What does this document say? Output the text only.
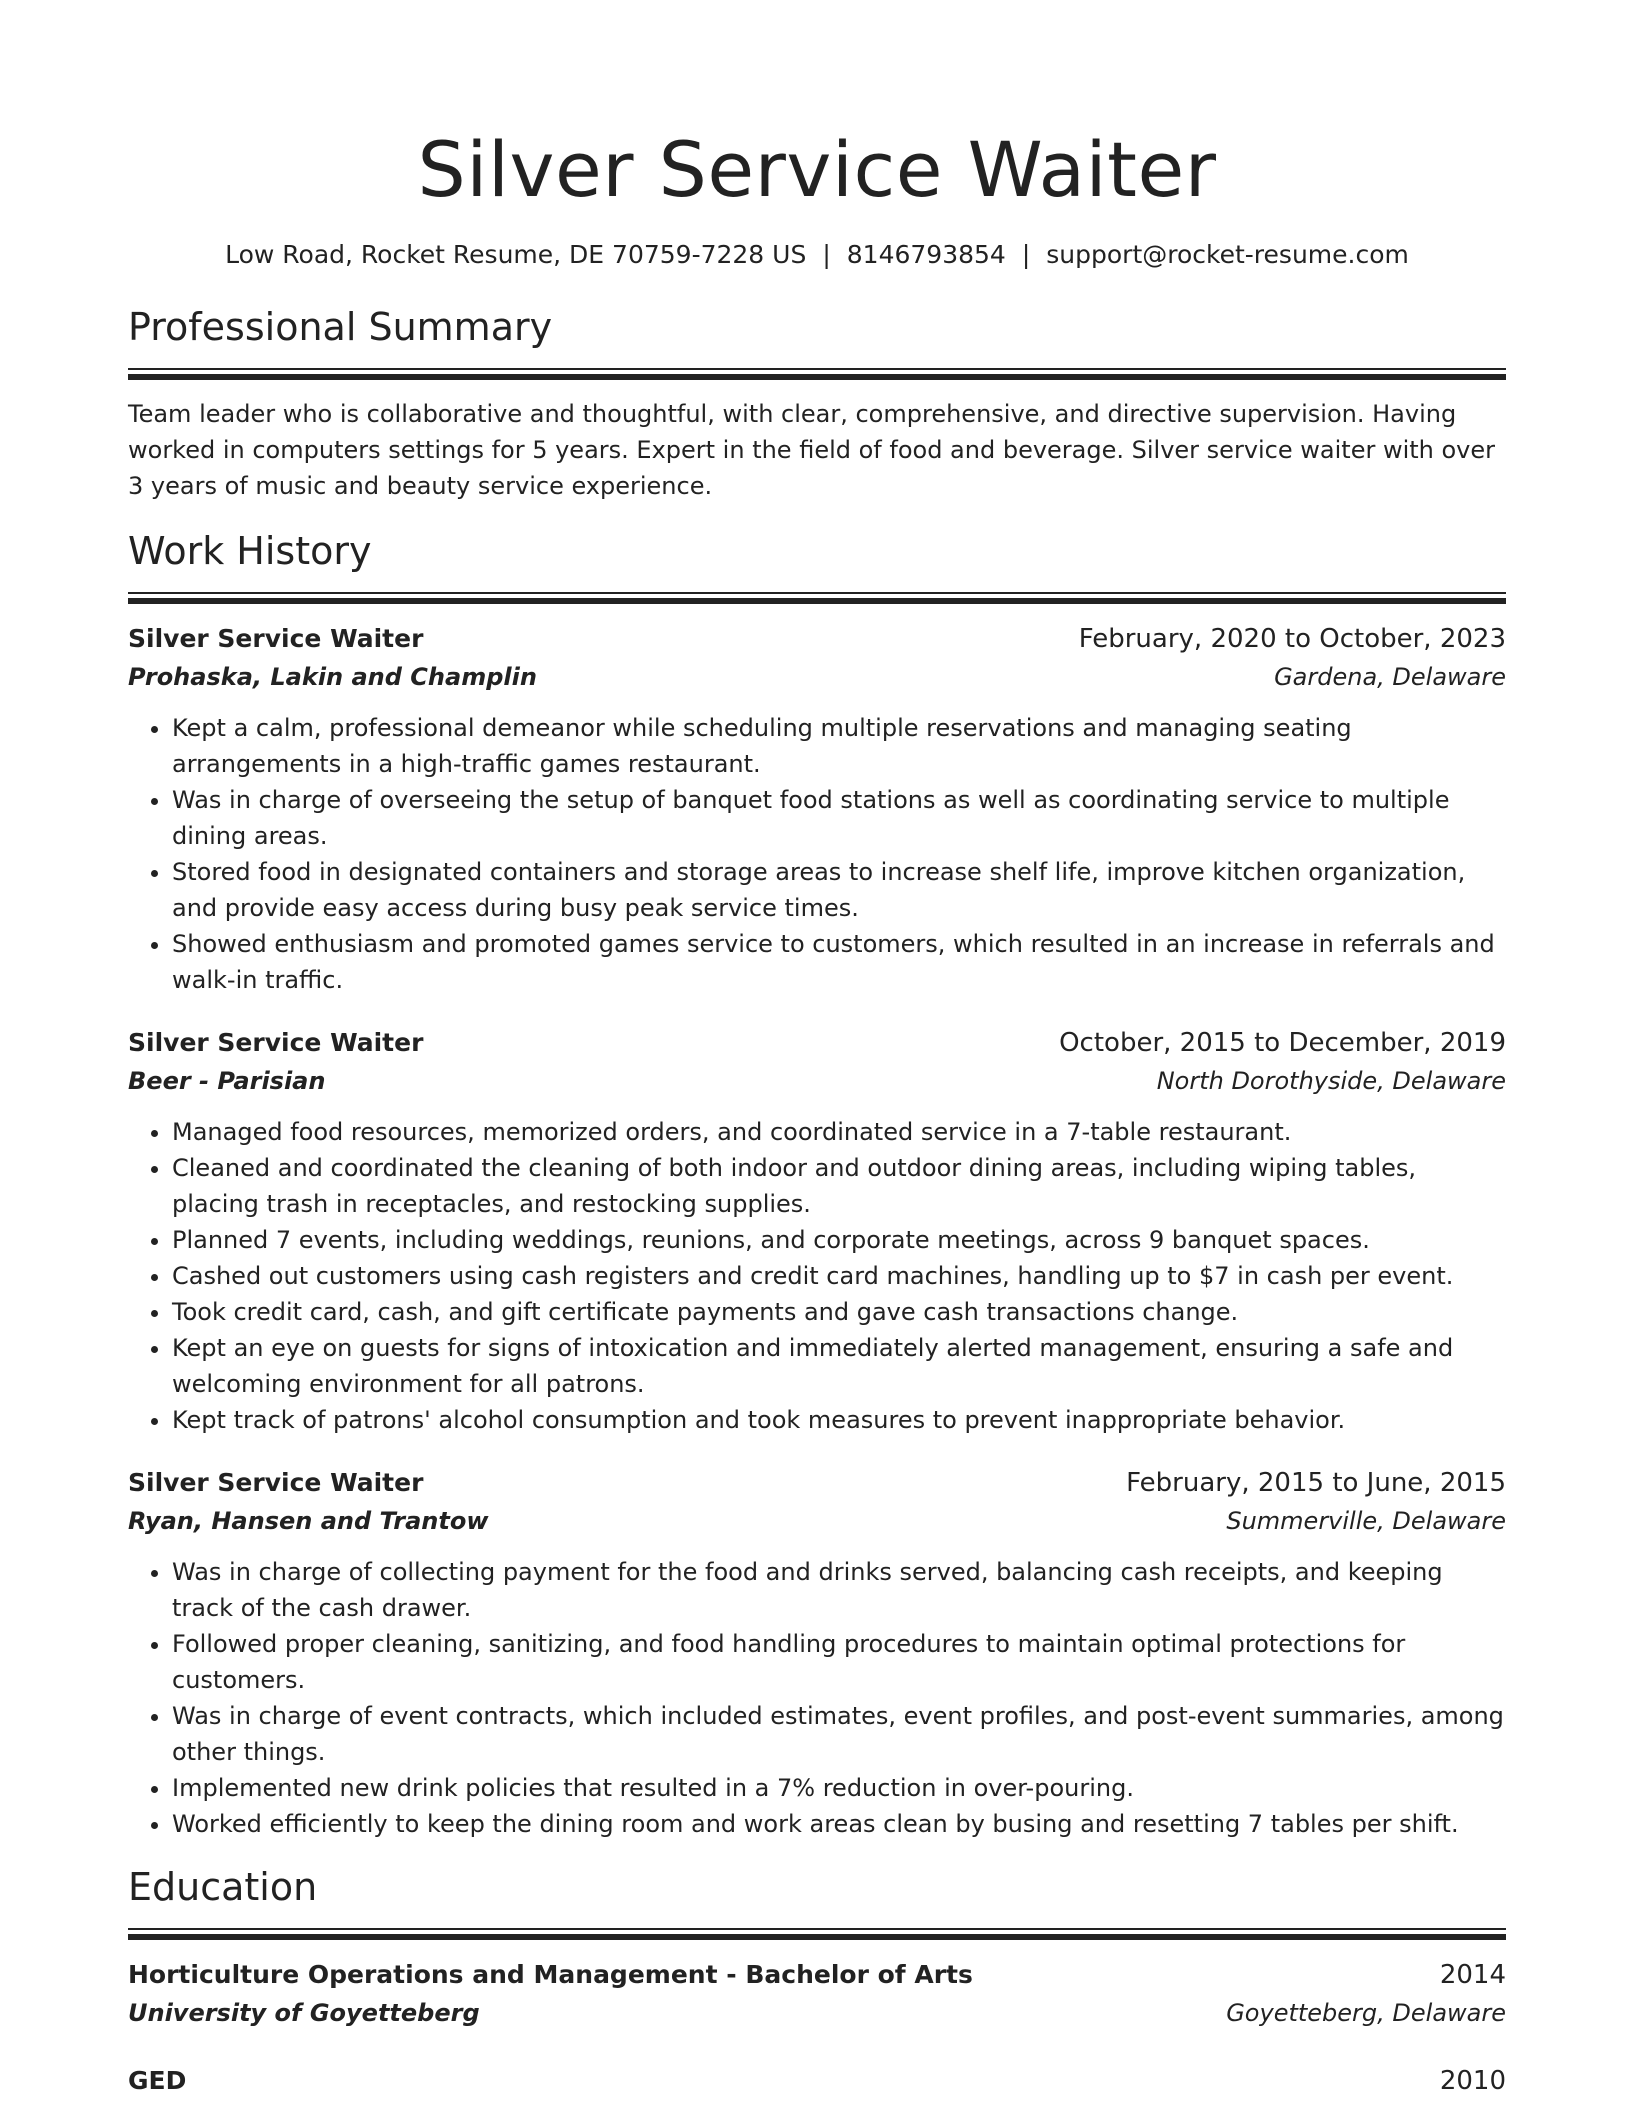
Silver Service Waiter
Low Road, Rocket Resume, DE 70759-7228 US | 8146793854 | support@rocket-resume.com
Professional Summary

Team leader who is collaborative and thoughtful, with clear, comprehensive, and directive supervision. Having worked in computers settings for 5 years. Expert in the field of food and beverage. Silver service waiter with over 3 years of music and beauty service experience.

Work History
Silver Service Waiter	February, 2020 to October, 2023
Prohaska, Lakin and Champlin	Gardena, Delaware
• Kept a calm, professional demeanor while scheduling multiple reservations and managing seating arrangements in a high-traffic games restaurant.
• Was in charge of overseeing the setup of banquet food stations as well as coordinating service to multiple dining areas.
• Stored food in designated containers and storage areas to increase shelf life, improve kitchen organization, and provide easy access during busy peak service times.
• Showed enthusiasm and promoted games service to customers, which resulted in an increase in referrals and walk-in traffic.
Silver Service Waiter	October, 2015 to December, 2019
Beer - Parisian	North Dorothyside, Delaware
• Managed food resources, memorized orders, and coordinated service in a 7-table restaurant.
• Cleaned and coordinated the cleaning of both indoor and outdoor dining areas, including wiping tables, placing trash in receptacles, and restocking supplies.
• Planned 7 events, including weddings, reunions, and corporate meetings, across 9 banquet spaces.
• Cashed out customers using cash registers and credit card machines, handling up to $7 in cash per event.
• Took credit card, cash, and gift certificate payments and gave cash transactions change.
• Kept an eye on guests for signs of intoxication and immediately alerted management, ensuring a safe and welcoming environment for all patrons.
• Kept track of patrons' alcohol consumption and took measures to prevent inappropriate behavior.
Silver Service Waiter	February, 2015 to June, 2015
Ryan, Hansen and Trantow	Summerville, Delaware
• Was in charge of collecting payment for the food and drinks served, balancing cash receipts, and keeping track of the cash drawer.
• Followed proper cleaning, sanitizing, and food handling procedures to maintain optimal protections for customers.
• Was in charge of event contracts, which included estimates, event profiles, and post-event summaries, among other things.
• Implemented new drink policies that resulted in a 7% reduction in over-pouring.
• Worked efficiently to keep the dining room and work areas clean by busing and resetting 7 tables per shift.
Education
Horticulture Operations and Management - Bachelor of Arts	2014
University of Goyetteberg	Goyetteberg, Delaware
GED	2010
